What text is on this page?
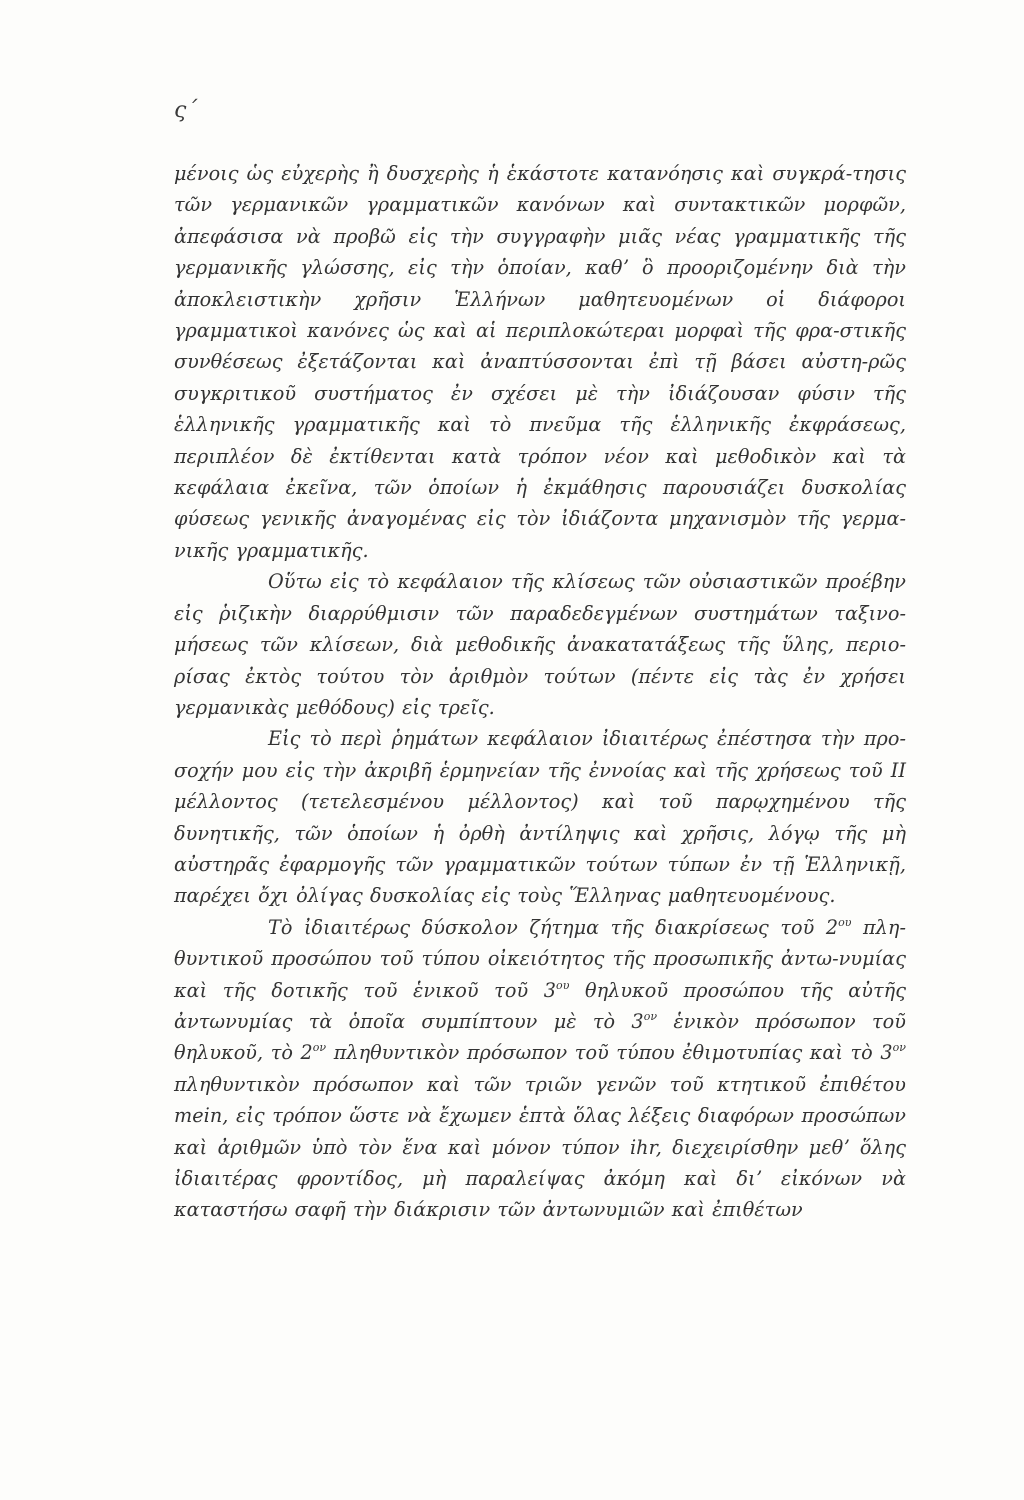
ς΄

μένοις ὡς εὐχερὴς ἢ δυσχερὴς ἡ ἑκάστοτε κατανόησις καὶ συγκρά-τησις τῶν γερμανικῶν γραμματικῶν κανόνων καὶ συντακτικῶν μορφῶν, ἀπεφάσισα νὰ προβῶ εἰς τὴν συγγραφὴν μιᾶς νέας γραμματικῆς τῆς γερμανικῆς γλώσσης, εἰς τὴν ὁποίαν, καθʼ ὃ προοριζομένην διὰ τὴν ἀποκλειστικὴν χρῆσιν Ἑλλήνων μαθητευομένων οἱ διάφοροι γραμματικοὶ κανόνες ὡς καὶ αἱ περιπλοκώτεραι μορφαὶ τῆς φρα-στικῆς συνθέσεως ἐξετάζονται καὶ ἀναπτύσσονται ἐπὶ τῇ βάσει αὐστη-ρῶς συγκριτικοῦ συστήματος ἐν σχέσει μὲ τὴν ἰδιάζουσαν φύσιν τῆς ἑλληνικῆς γραμματικῆς καὶ τὸ πνεῦμα τῆς ἑλληνικῆς ἐκφράσεως, περιπλέον δὲ ἐκτίθενται κατὰ τρόπον νέον καὶ μεθοδικὸν καὶ τὰ κεφάλαια ἐκεῖνα, τῶν ὁποίων ἡ ἐκμάθησις παρουσιάζει δυσκολίας φύσεως γενικῆς ἀναγομένας εἰς τὸν ἰδιάζοντα μηχανισμὸν τῆς γερμα-νικῆς γραμματικῆς.

Οὕτω εἰς τὸ κεφάλαιον τῆς κλίσεως τῶν οὐσιαστικῶν προέβην εἰς ῥιζικὴν διαρρύθμισιν τῶν παραδεδεγμένων συστημάτων ταξινο-μήσεως τῶν κλίσεων, διὰ μεθοδικῆς ἀνακατατάξεως τῆς ὕλης, περιο-ρίσας ἐκτὸς τούτου τὸν ἀριθμὸν τούτων (πέντε εἰς τὰς ἐν χρήσει γερμανικὰς μεθόδους) εἰς τρεῖς.

Εἰς τὸ περὶ ῥημάτων κεφάλαιον ἰδιαιτέρως ἐπέστησα τὴν προ-σοχήν μου εἰς τὴν ἀκριβῆ ἑρμηνείαν τῆς ἐννοίας καὶ τῆς χρήσεως τοῦ ΙΙ μέλλοντος (τετελεσμένου μέλλοντος) καὶ τοῦ παρῳχημένου τῆς δυνητικῆς, τῶν ὁποίων ἡ ὀρθὴ ἀντίληψις καὶ χρῆσις, λόγῳ τῆς μὴ αὐστηρᾶς ἐφαρμογῆς τῶν γραμματικῶν τούτων τύπων ἐν τῇ Ἑλληνικῇ, παρέχει ὄχι ὀλίγας δυσκολίας εἰς τοὺς Ἕλληνας μαθητευομένους.

Τὸ ἰδιαιτέρως δύσκολον ζήτημα τῆς διακρίσεως τοῦ $2^{o\upsilon}$ πλη-θυντικοῦ προσώπου τοῦ τύπου οἰκειότητος τῆς προσωπικῆς ἀντω-νυμίας καὶ τῆς δοτικῆς τοῦ ἑνικοῦ τοῦ $3^{o\upsilon}$ θηλυκοῦ προσώπου τῆς αὐτῆς ἀντωνυμίας τὰ ὁποῖα συμπίπτουν μὲ τὸ $3^{o\nu}$ ἑνικὸν πρόσωπον τοῦ θηλυκοῦ, τὸ $2^{o\nu}$ πληθυντικὸν πρόσωπον τοῦ τύπου ἐθιμοτυπίας καὶ τὸ $3^{o\nu}$ πληθυντικὸν πρόσωπον καὶ τῶν τριῶν γενῶν τοῦ κτητικοῦ ἐπιθέτου mein, εἰς τρόπον ὥστε νὰ ἔχωμεν ἑπτὰ ὅλας λέξεις διαφόρων προσώπων καὶ ἀριθμῶν ὑπὸ τὸν ἕνα καὶ μόνον τύπον ihr, διεχειρίσθην μεθʼ ὅλης ἰδιαιτέρας φροντίδος, μὴ παραλείψας ἀκόμη καὶ διʼ εἰκόνων νὰ καταστήσω σαφῆ τὴν διάκρισιν τῶν ἀντωνυμιῶν καὶ ἐπιθέτων
